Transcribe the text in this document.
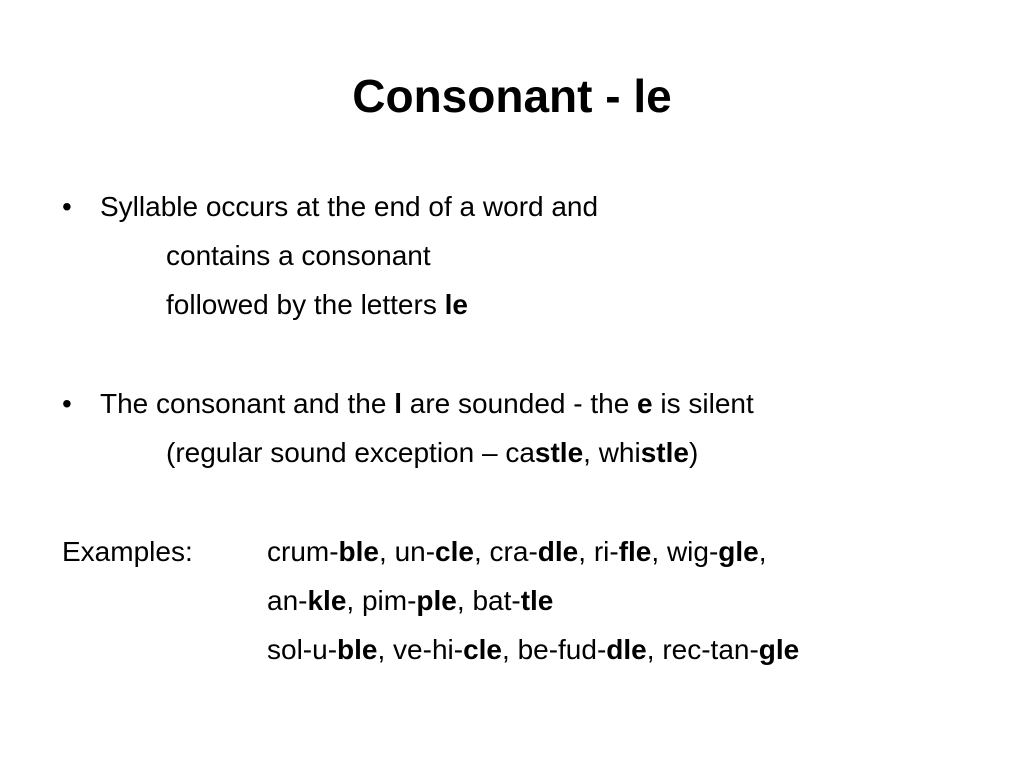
Consonant - le
• Syllable occurs at the end of a word and
contains a consonant
followed by the letters le
• The consonant and the l are sounded - the e is silent
(regular sound exception – castle, whistle)
Examples:	crum-ble, un-cle, cra-dle, ri-fle, wig-gle,
an-kle, pim-ple, bat-tle
sol-u-ble, ve-hi-cle, be-fud-dle, rec-tan-gle
